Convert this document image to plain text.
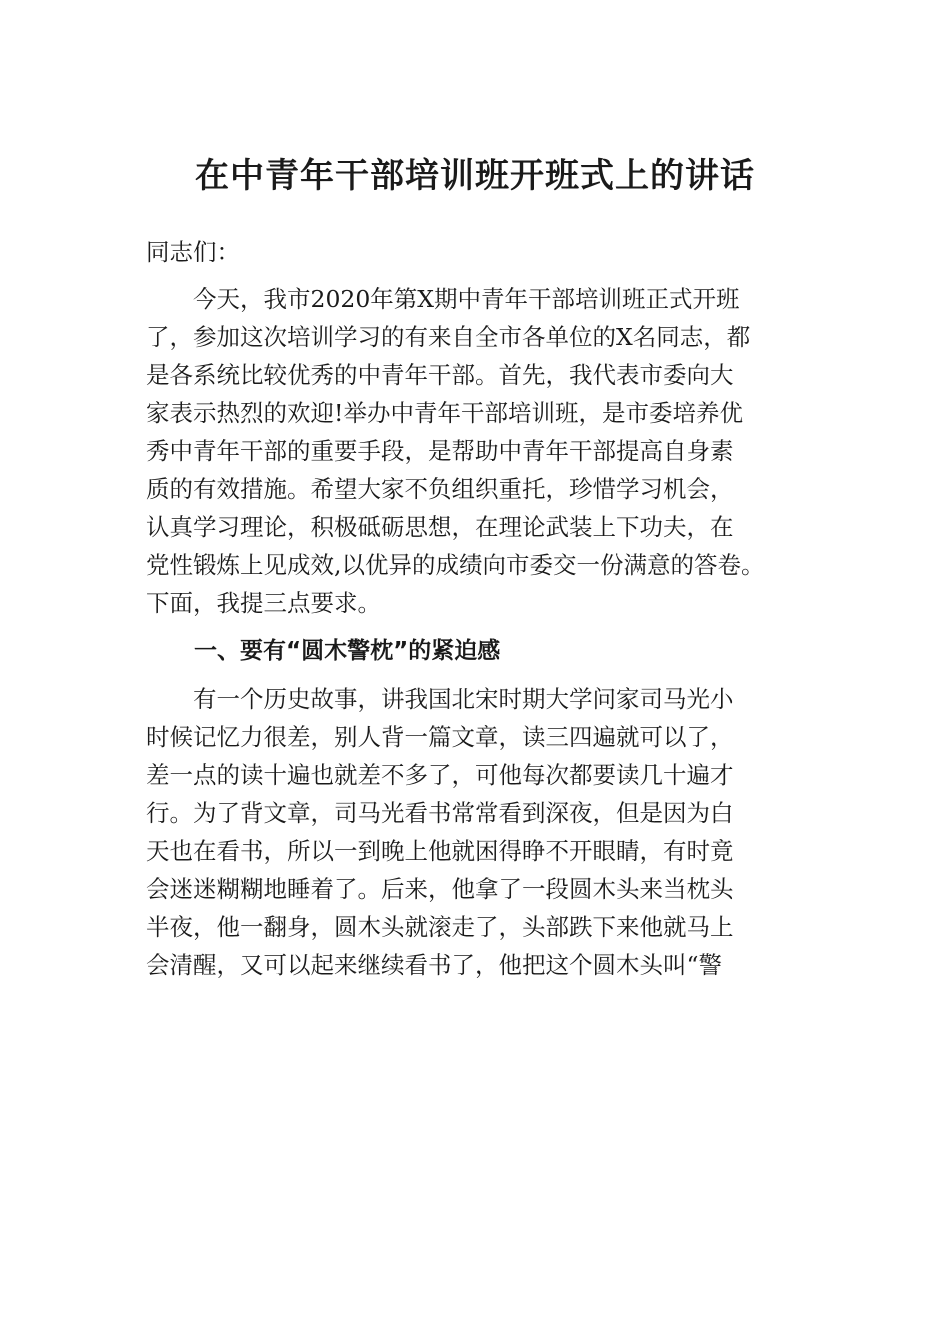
在中青年干部培训班开班式上的讲话

同志们：

　　今天，我市2020年第X期中青年干部培训班正式开班

了，参加这次培训学习的有来自全市各单位的X名同志，都

是各系统比较优秀的中青年干部。首先，我代表市委向大

家表示热烈的欢迎!举办中青年干部培训班，是市委培养优

秀中青年干部的重要手段，是帮助中青年干部提高自身素

质的有效措施。希望大家不负组织重托，珍惜学习机会，

认真学习理论，积极砥砺思想，在理论武装上下功夫，在

党性锻炼上见成效,以优异的成绩向市委交一份满意的答卷。

下面，我提三点要求。

一、要有“圆木警枕”的紧迫感

　　有一个历史故事，讲我国北宋时期大学问家司马光小

时候记忆力很差，别人背一篇文章，读三四遍就可以了，

差一点的读十遍也就差不多了，可他每次都要读几十遍才

行。为了背文章，司马光看书常常看到深夜，但是因为白

天也在看书，所以一到晚上他就困得睁不开眼睛，有时竟

会迷迷糊糊地睡着了。后来，他拿了一段圆木头来当枕头

半夜，他一翻身，圆木头就滚走了，头部跌下来他就马上

会清醒，又可以起来继续看书了，他把这个圆木头叫“警
